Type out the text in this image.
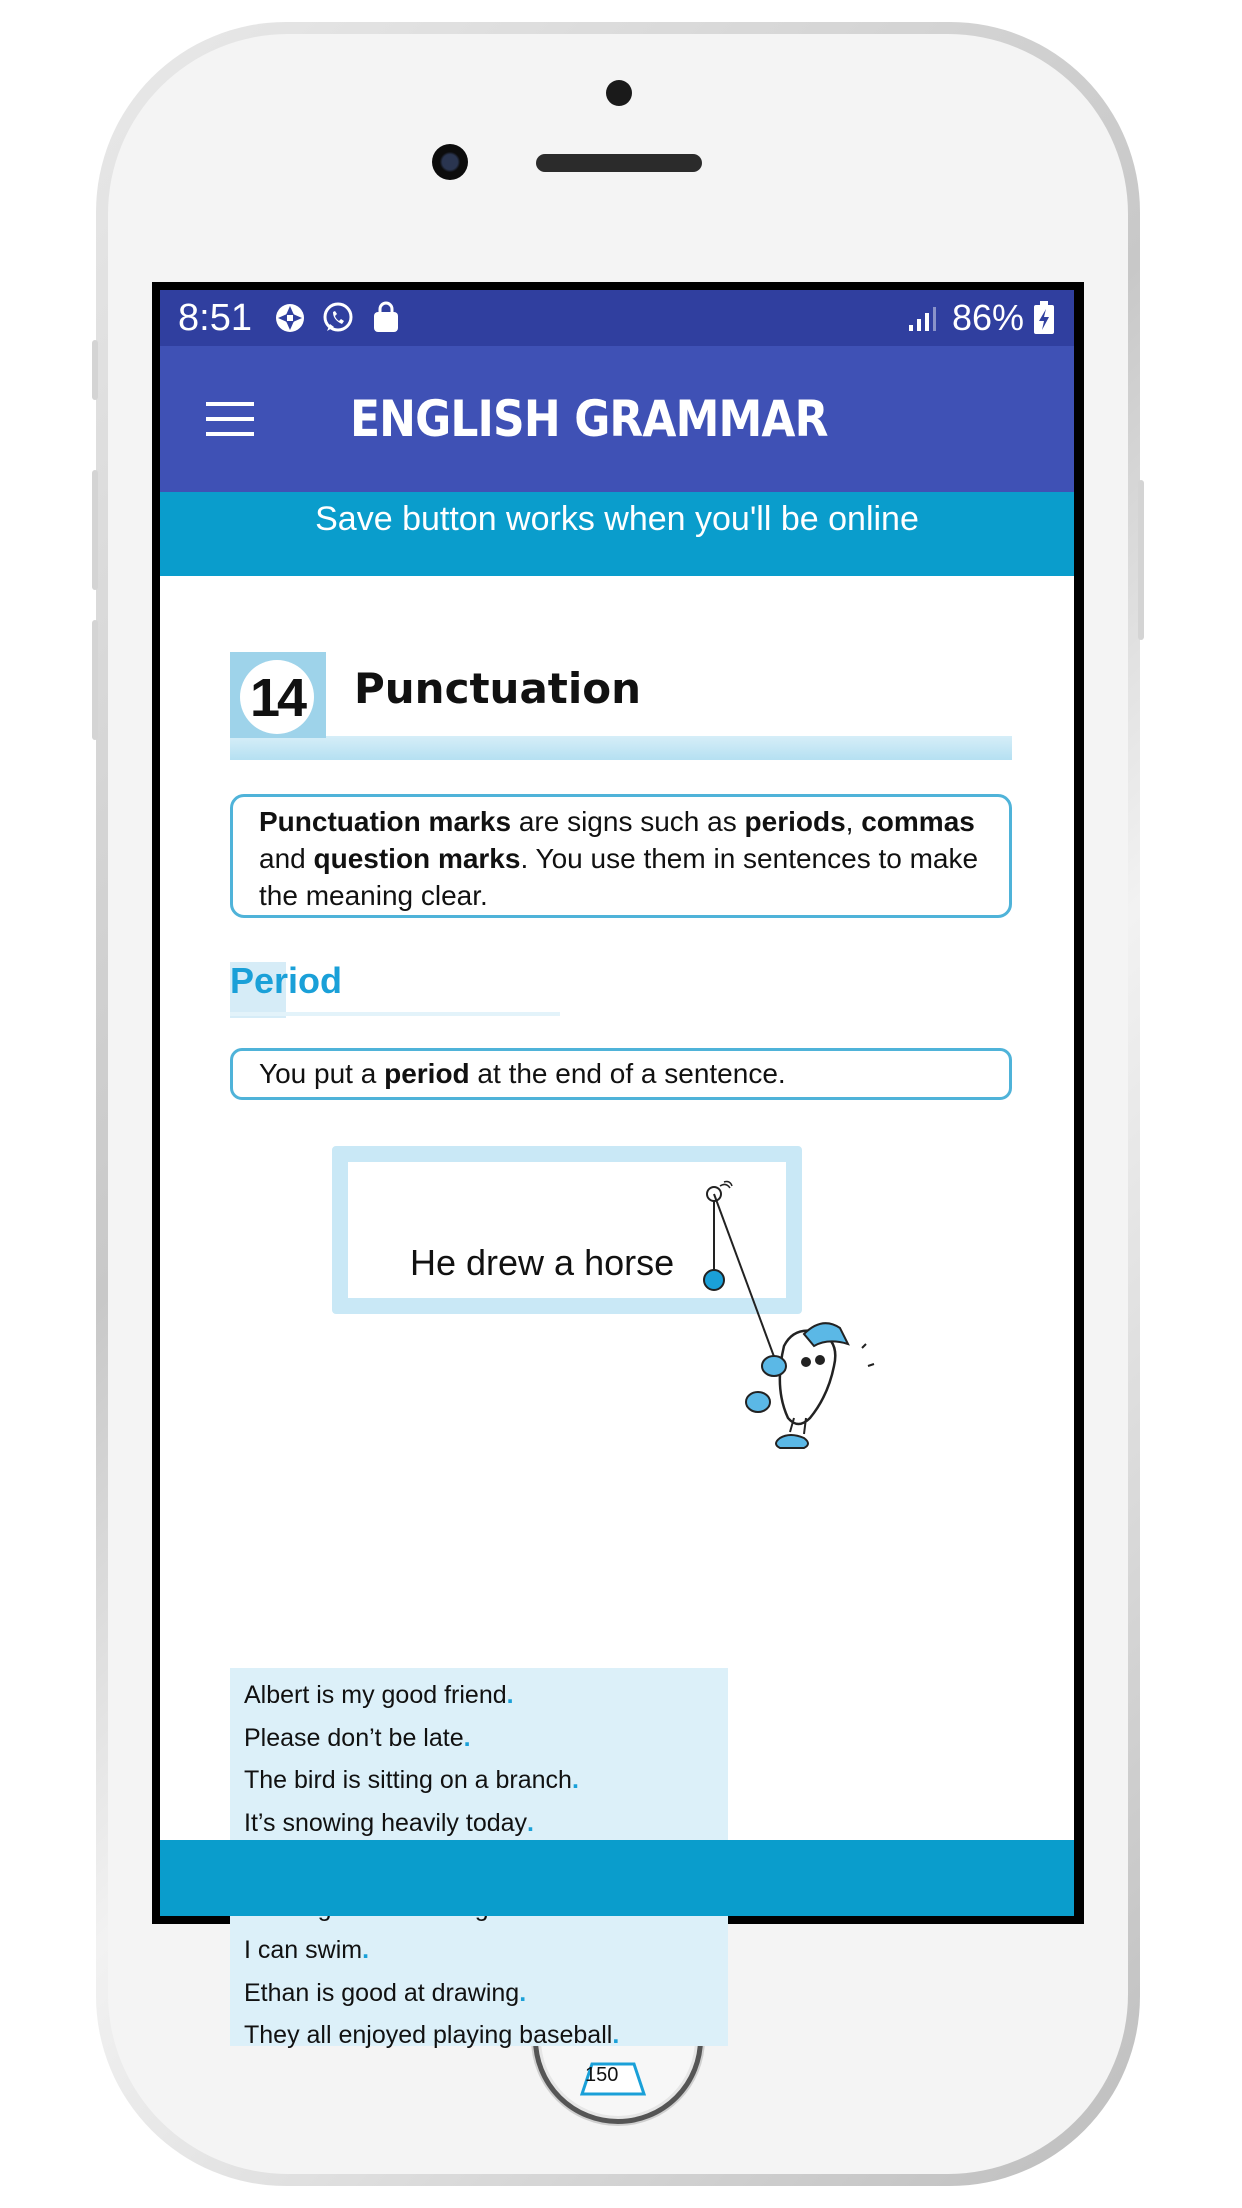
8:51	86%
ENGLISH GRAMMAR
Save button works when you'll be online
14 Punctuation
Punctuation marks are signs such as periods, commas
and question marks. You use them in sentences to make
the meaning clear.
Period
You put a period at the end of a sentence.
He drew a horse
Albert is my good friend.
Please don’t be late.
The bird is sitting on a branch.
It’s snowing heavily today.
I can swim.
Ethan is good at drawing.
They all enjoyed playing baseball.
150
